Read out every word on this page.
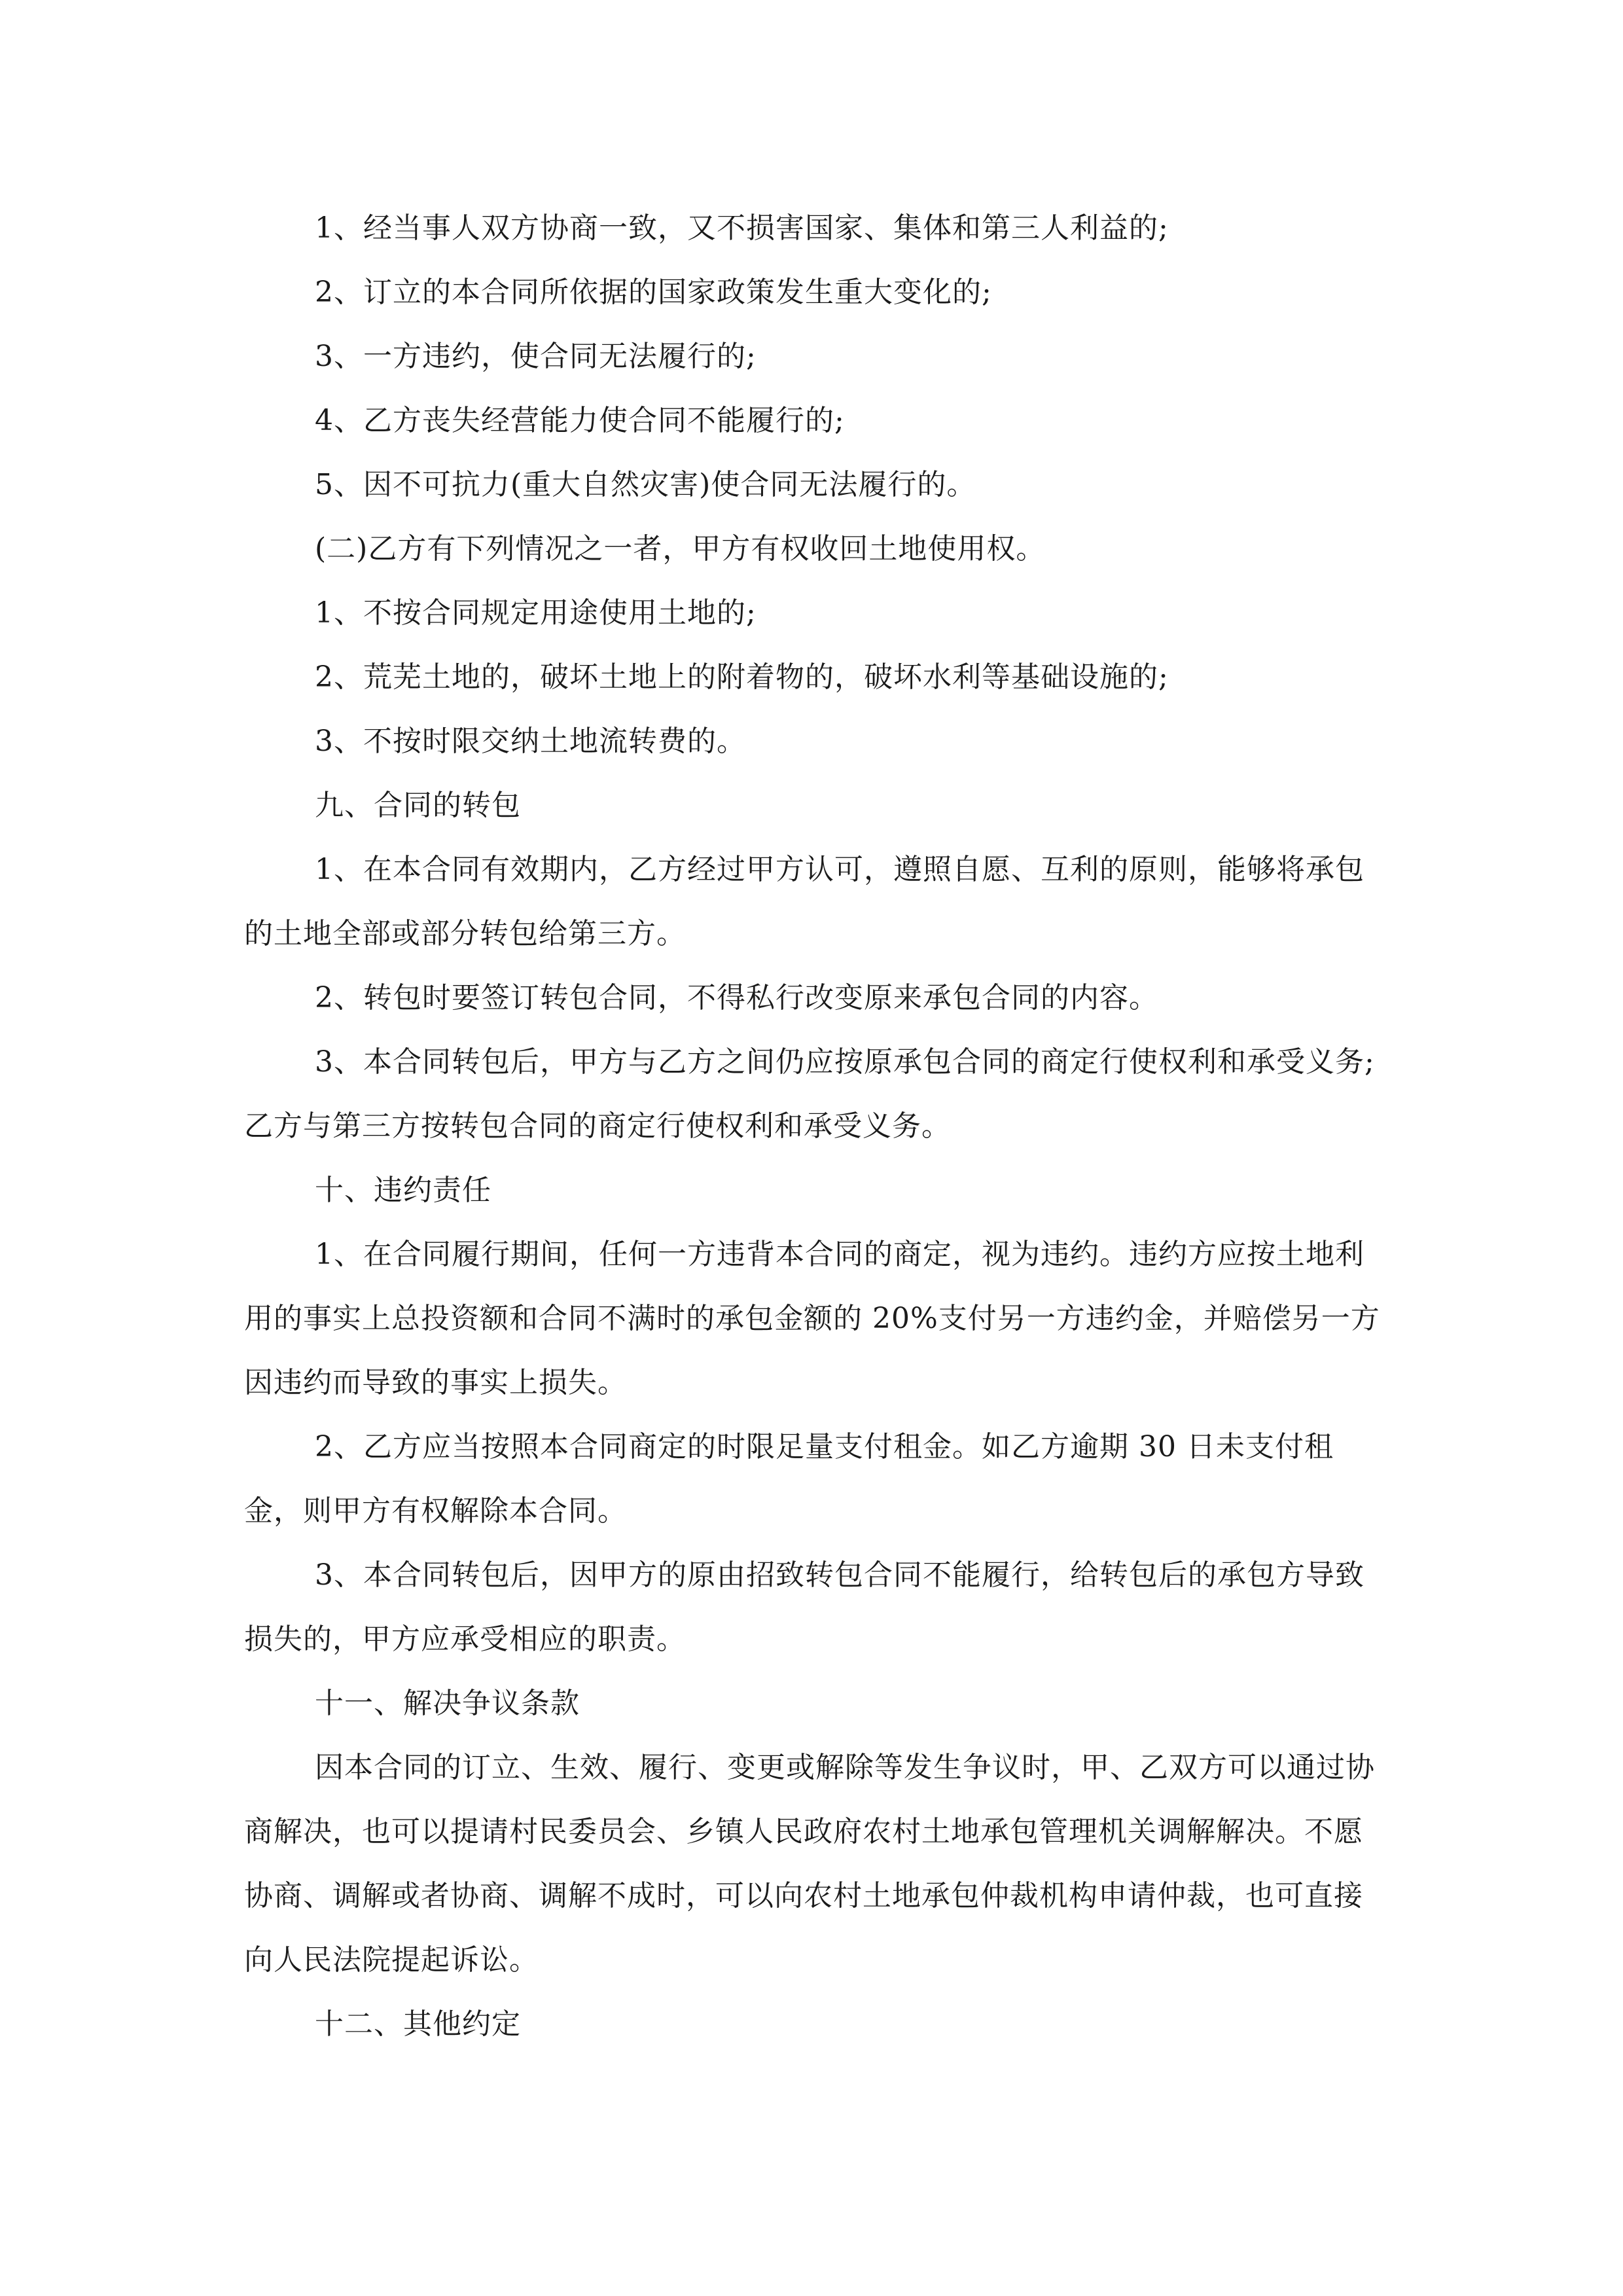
1、经当事人双方协商一致，又不损害国家、集体和第三人利益的;

2、订立的本合同所依据的国家政策发生重大变化的;

3、一方违约，使合同无法履行的;

4、乙方丧失经营能力使合同不能履行的;

5、因不可抗力(重大自然灾害)使合同无法履行的。

(二)乙方有下列情况之一者，甲方有权收回土地使用权。

1、不按合同规定用途使用土地的;

2、荒芜土地的，破坏土地上的附着物的，破坏水利等基础设施的;

3、不按时限交纳土地流转费的。

九、合同的转包

1、在本合同有效期内，乙方经过甲方认可，遵照自愿、互利的原则，能够将承包的土地全部或部分转包给第三方。

2、转包时要签订转包合同，不得私行改变原来承包合同的内容。

3、本合同转包后，甲方与乙方之间仍应按原承包合同的商定行使权利和承受义务;乙方与第三方按转包合同的商定行使权利和承受义务。

十、违约责任

1、在合同履行期间，任何一方违背本合同的商定，视为违约。违约方应按土地利用的事实上总投资额和合同不满时的承包金额的 20%支付另一方违约金，并赔偿另一方因违约而导致的事实上损失。

2、乙方应当按照本合同商定的时限足量支付租金。如乙方逾期 30 日未支付租金，则甲方有权解除本合同。

3、本合同转包后，因甲方的原由招致转包合同不能履行，给转包后的承包方导致损失的，甲方应承受相应的职责。

十一、解决争议条款

因本合同的订立、生效、履行、变更或解除等发生争议时，甲、乙双方可以通过协商解决，也可以提请村民委员会、乡镇人民政府农村土地承包管理机关调解解决。不愿协商、调解或者协商、调解不成时，可以向农村土地承包仲裁机构申请仲裁，也可直接向人民法院提起诉讼。

十二、其他约定
